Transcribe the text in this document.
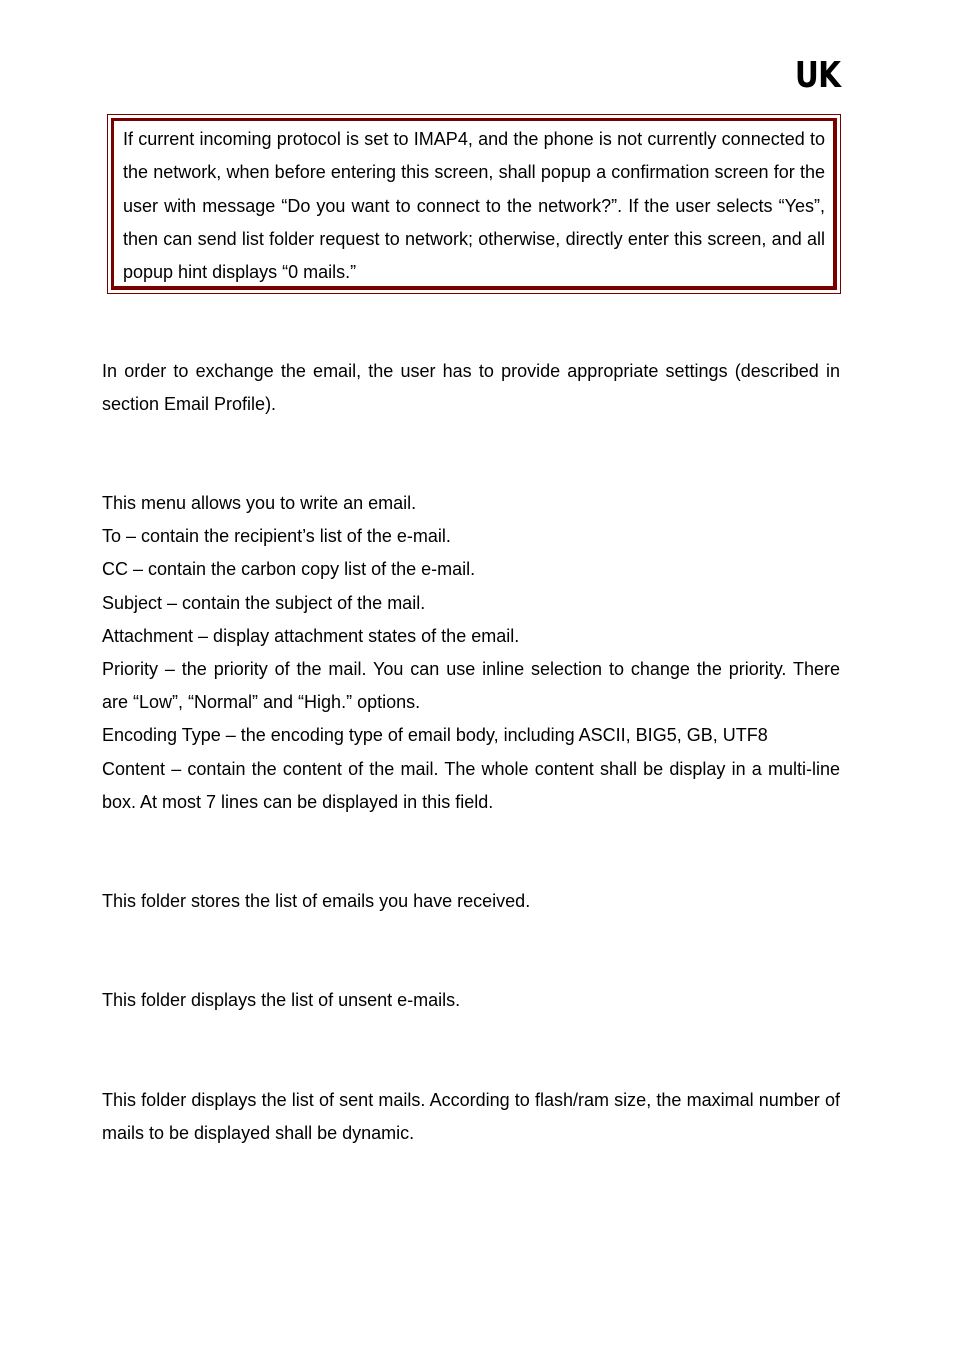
UK

If current incoming protocol is set to IMAP4, and the phone is not currently connected to the network, when before entering this screen, shall popup a confirmation screen for the user with message “Do you want to connect to the network?”. If the user selects “Yes”, then can send list folder request to network; otherwise, directly enter this screen, and all popup hint displays “0 mails.”

In order to exchange the email, the user has to provide appropriate settings (described in section Email Profile).

This menu allows you to write an email.
To – contain the recipient’s list of the e-mail.
CC – contain the carbon copy list of the e-mail.
Subject – contain the subject of the mail.
Attachment – display attachment states of the email.
Priority – the priority of the mail. You can use inline selection to change the priority. There are “Low”, “Normal” and “High.” options.
Encoding Type – the encoding type of email body, including ASCII, BIG5, GB, UTF8
Content – contain the content of the mail. The whole content shall be display in a multi-line box. At most 7 lines can be displayed in this field.

This folder stores the list of emails you have received.

This folder displays the list of unsent e-mails.

This folder displays the list of sent mails. According to flash/ram size, the maximal number of mails to be displayed shall be dynamic.
